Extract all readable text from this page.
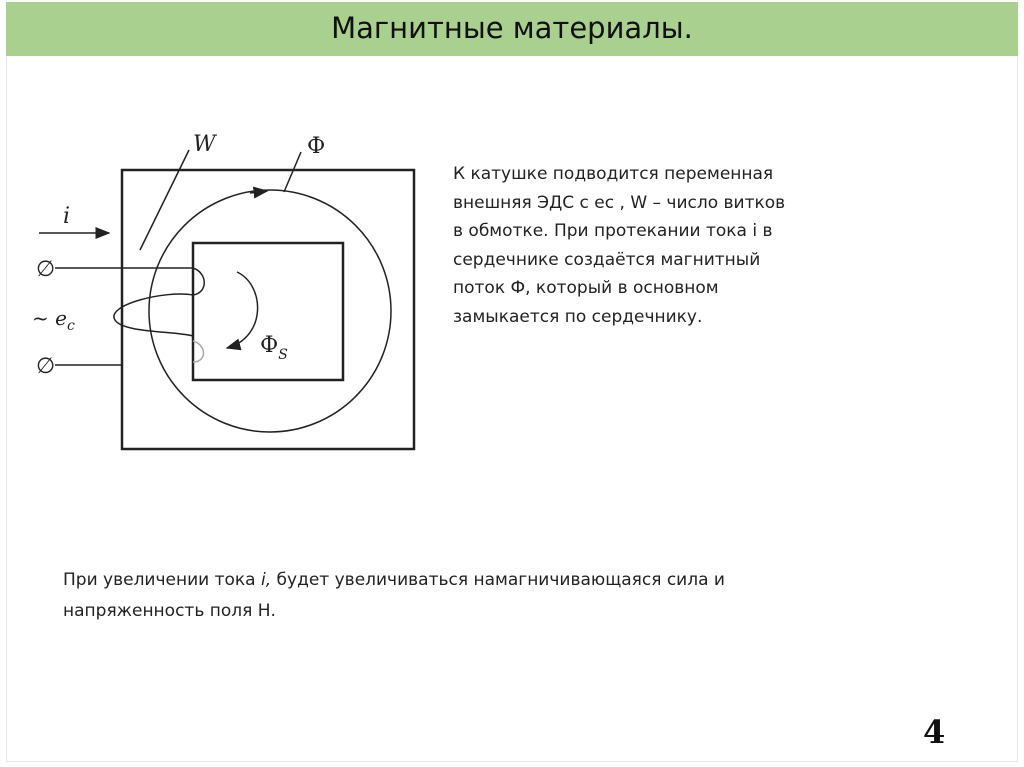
Магнитные материалы.
W	Ф
i
∅
∅
~ $e_c$
$Ф_S$
К катушке подводится переменная
внешняя ЭДС с ес , W – число витков
в обмотке. При протекании тока i в
сердечнике создаётся магнитный
поток Ф, который в основном
замыкается по сердечнику.
При увеличении тока i, будет увеличиваться намагничивающаяся сила и
напряженность поля Н.
4
